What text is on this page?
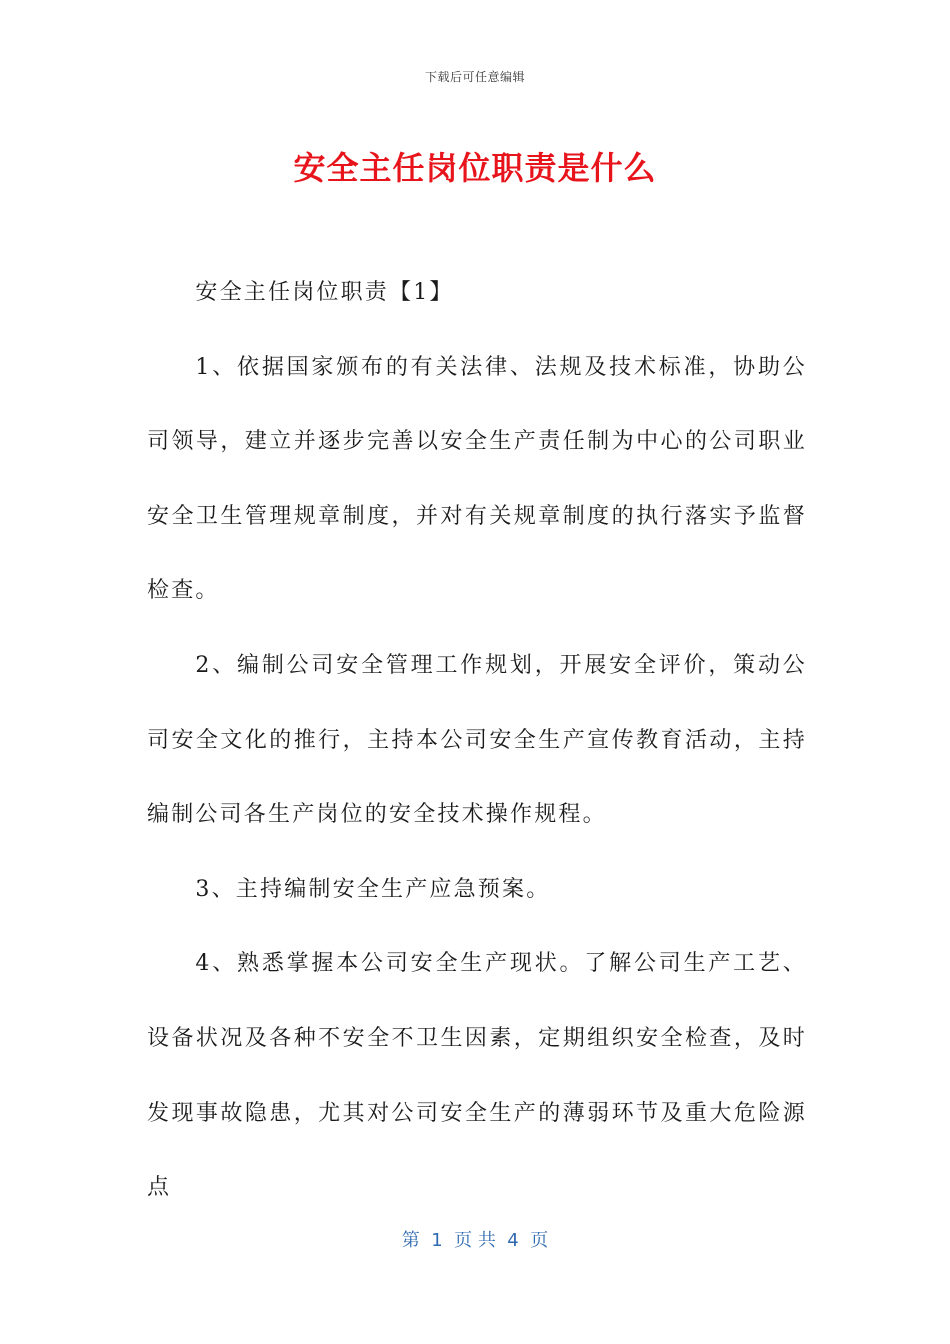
下载后可任意编辑
安全主任岗位职责是什么

安全主任岗位职责【1】

1、依据国家颁布的有关法律、法规及技术标准，协助公司领导，建立并逐步完善以安全生产责任制为中心的公司职业安全卫生管理规章制度，并对有关规章制度的执行落实予监督检查。

2、编制公司安全管理工作规划，开展安全评价，策动公司安全文化的推行，主持本公司安全生产宣传教育活动，主持编制公司各生产岗位的安全技术操作规程。

3、主持编制安全生产应急预案。

4、熟悉掌握本公司安全生产现状。了解公司生产工艺、设备状况及各种不安全不卫生因素，定期组织安全检查，及时发现事故隐患，尤其对公司安全生产的薄弱环节及重大危险源点

第  1  页 共  4  页
